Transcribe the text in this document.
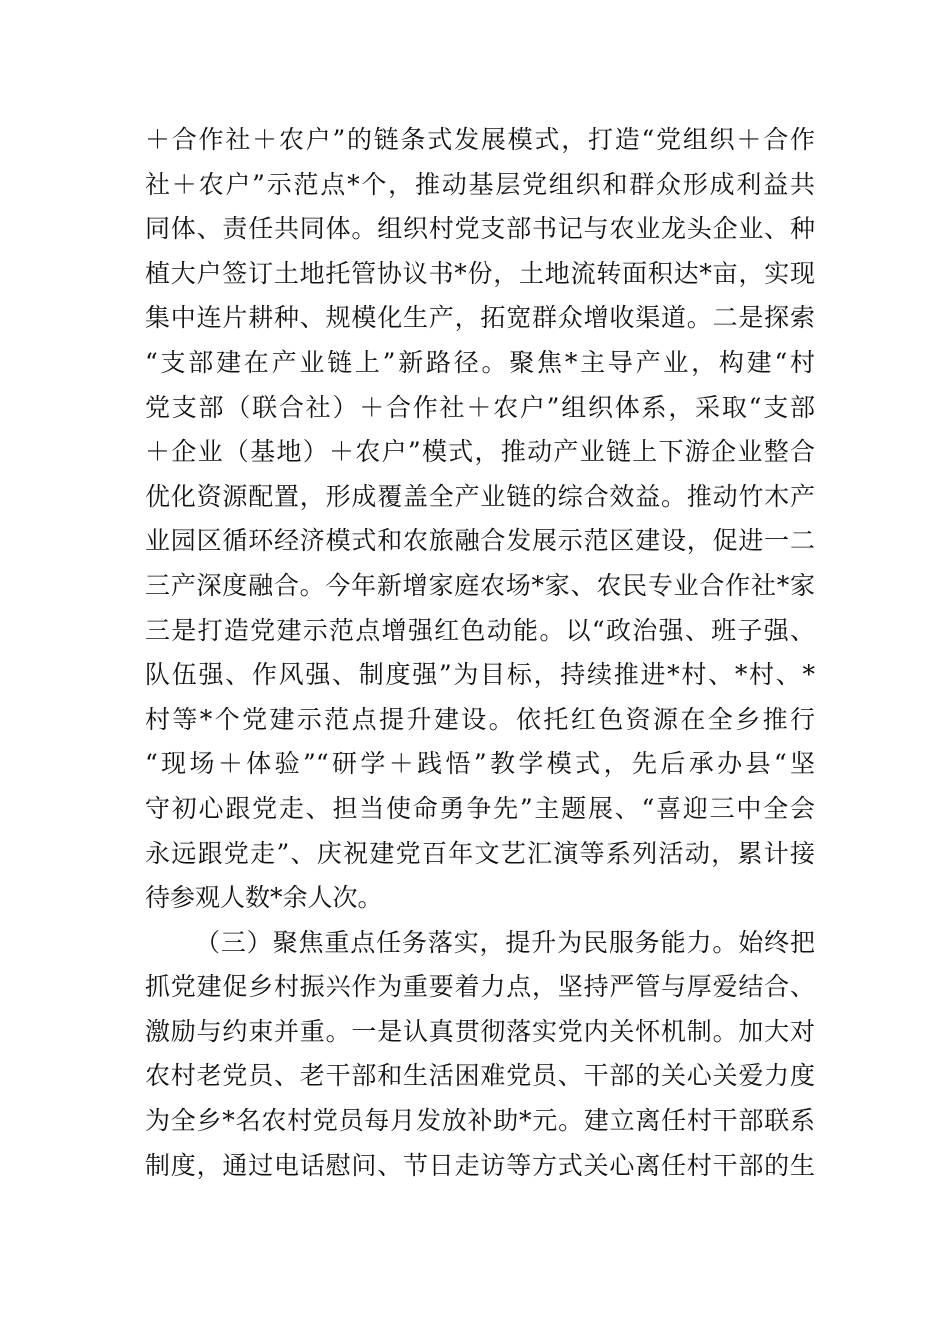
＋合作社＋农户”的链条式发展模式，打造“党组织＋合作
社＋农户”示范点*个，推动基层党组织和群众形成利益共
同体、责任共同体。组织村党支部书记与农业龙头企业、种
植大户签订土地托管协议书*份，土地流转面积达*亩，实现
集中连片耕种、规模化生产，拓宽群众增收渠道。二是探索
“支部建在产业链上”新路径。聚焦*主导产业，构建“村
党支部（联合社）＋合作社＋农户”组织体系，采取“支部
＋企业（基地）＋农户”模式，推动产业链上下游企业整合
优化资源配置，形成覆盖全产业链的综合效益。推动竹木产
业园区循环经济模式和农旅融合发展示范区建设，促进一二
三产深度融合。今年新增家庭农场*家、农民专业合作社*家
三是打造党建示范点增强红色动能。以“政治强、班子强、
队伍强、作风强、制度强”为目标，持续推进*村、*村、*
村等*个党建示范点提升建设。依托红色资源在全乡推行
“现场＋体验”“研学＋践悟”教学模式，先后承办县“坚
守初心跟党走、担当使命勇争先”主题展、“喜迎三中全会
永远跟党走”、庆祝建党百年文艺汇演等系列活动，累计接
待参观人数*余人次。
（三）聚焦重点任务落实，提升为民服务能力。始终把
抓党建促乡村振兴作为重要着力点，坚持严管与厚爱结合、
激励与约束并重。一是认真贯彻落实党内关怀机制。加大对
农村老党员、老干部和生活困难党员、干部的关心关爱力度
为全乡*名农村党员每月发放补助*元。建立离任村干部联系
制度，通过电话慰问、节日走访等方式关心离任村干部的生
